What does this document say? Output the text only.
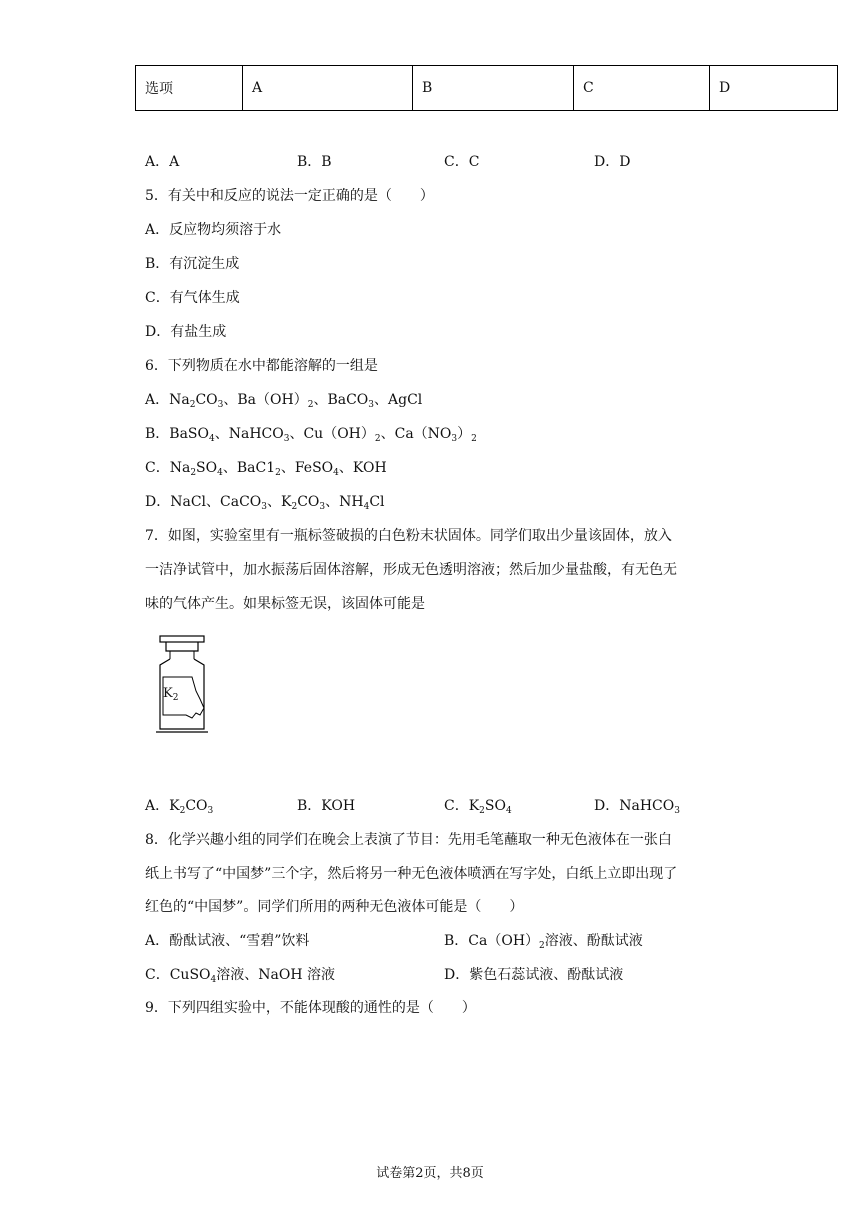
选项	A	B	C	D
A．A	B．B	C．C	D．D
5．有关中和反应的说法一定正确的是（　　）
A．反应物均须溶于水
B．有沉淀生成
C．有气体生成
D．有盐生成
6．下列物质在水中都能溶解的一组是
A．$Na_2CO_3$、$Ba(OH)_2$、BaCO$_3$、AgCl
B．BaSO$_4$、NaHCO$_3$、$Cu(OH)_2$、$Ca(NO_3)_2$
C．$Na_2SO_4$、$BaC1_2$、FeSO$_4$、KOH
D．NaCl、CaCO$_3$、$K_2CO_3$、$NH_4Cl$
7．如图，实验室里有一瓶标签破损的白色粉末状固体。同学们取出少量该固体，放入
一洁净试管中，加水振荡后固体溶解，形成无色透明溶液；然后加少量盐酸，有无色无
味的气体产生。如果标签无误，该固体可能是
$K_2$
A．$K_2CO_3$	B．KOH	C．$K_2SO_4$	D．NaHCO$_3$
8．化学兴趣小组的同学们在晚会上表演了节目：先用毛笔蘸取一种无色液体在一张白
纸上书写了“中国梦”三个字，然后将另一种无色液体喷洒在写字处，白纸上立即出现了
红色的“中国梦”。同学们所用的两种无色液体可能是（　　）
A．酚酞试液、“雪碧”饮料	B．$Ca(OH)_2$溶液、酚酞试液
C．CuSO$_4$溶液、NaOH 溶液	D．紫色石蕊试液、酚酞试液
9．下列四组实验中，不能体现酸的通性的是（　　）
试卷第2页，共8页
